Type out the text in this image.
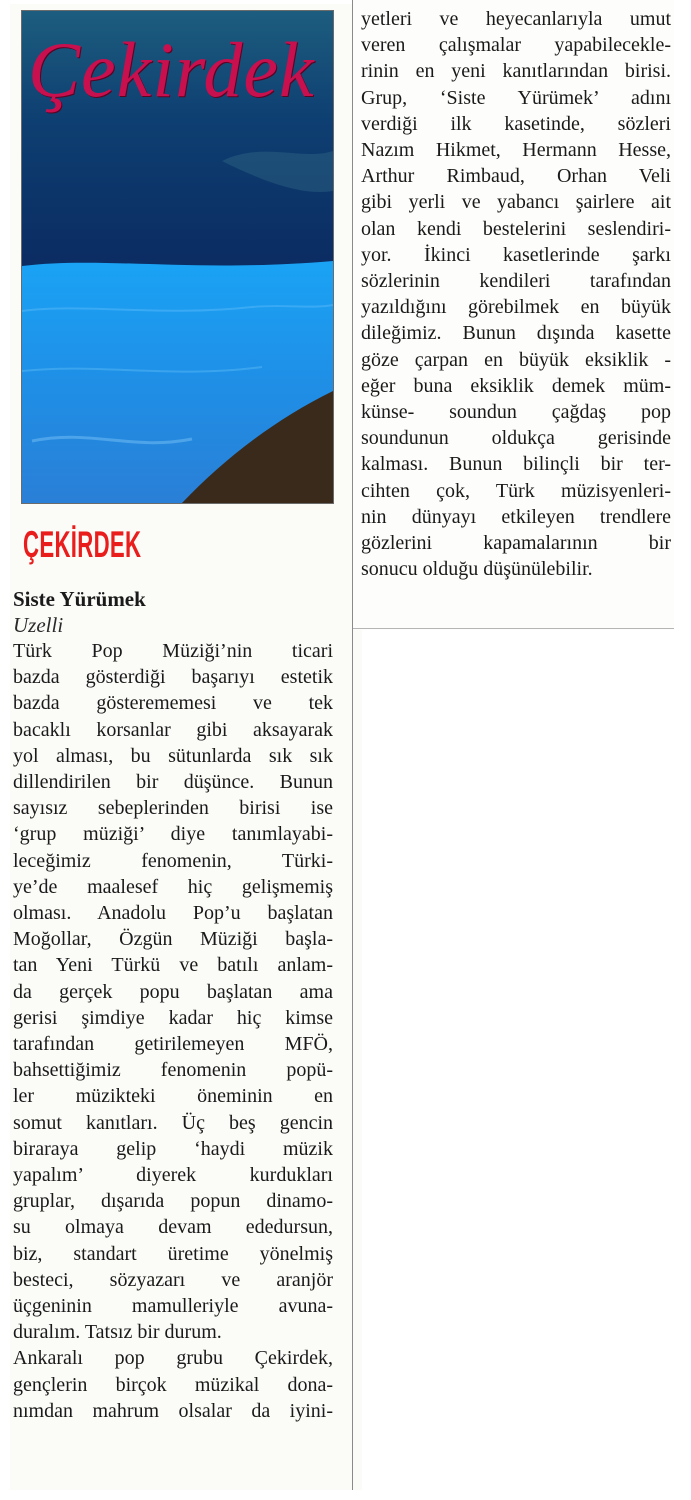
Çekirdek
ÇEKİRDEK
Siste Yürümek
Uzelli
Türk Pop Müziği’nin ticari
bazda gösterdiği başarıyı estetik
bazda gösterememesi ve tek
bacaklı korsanlar gibi aksayarak
yol alması, bu sütunlarda sık sık
dillendirilen bir düşünce. Bunun
sayısız sebeplerinden birisi ise
‘grup müziği’ diye tanımlayabi-
leceğimiz fenomenin, Türki-
ye’de maalesef hiç gelişmemiş
olması. Anadolu Pop’u başlatan
Moğollar, Özgün Müziği başla-
tan Yeni Türkü ve batılı anlam-
da gerçek popu başlatan ama
gerisi şimdiye kadar hiç kimse
tarafından getirilemeyen MFÖ,
bahsettiğimiz fenomenin popü-
ler müzikteki öneminin en
somut kanıtları. Üç beş gencin
biraraya gelip ‘haydi müzik
yapalım’ diyerek kurdukları
gruplar, dışarıda popun dinamo-
su olmaya devam ededursun,
biz, standart üretime yönelmiş
besteci, sözyazarı ve aranjör
üçgeninin mamulleriyle avuna-
duralım. Tatsız bir durum.
Ankaralı pop grubu Çekirdek,
gençlerin birçok müzikal dona-
nımdan mahrum olsalar da iyini-
yetleri ve heyecanlarıyla umut
veren çalışmalar yapabilecekle-
rinin en yeni kanıtlarından birisi.
Grup, ‘Siste Yürümek’ adını
verdiği ilk kasetinde, sözleri
Nazım Hikmet, Hermann Hesse,
Arthur Rimbaud, Orhan Veli
gibi yerli ve yabancı şairlere ait
olan kendi bestelerini seslendiri-
yor. İkinci kasetlerinde şarkı
sözlerinin kendileri tarafından
yazıldığını görebilmek en büyük
dileğimiz. Bunun dışında kasette
göze çarpan en büyük eksiklik -
eğer buna eksiklik demek müm-
künse- soundun çağdaş pop
soundunun oldukça gerisinde
kalması. Bunun bilinçli bir ter-
cihten çok, Türk müzisyenleri-
nin dünyayı etkileyen trendlere
gözlerini kapamalarının bir
sonucu olduğu düşünülebilir.
